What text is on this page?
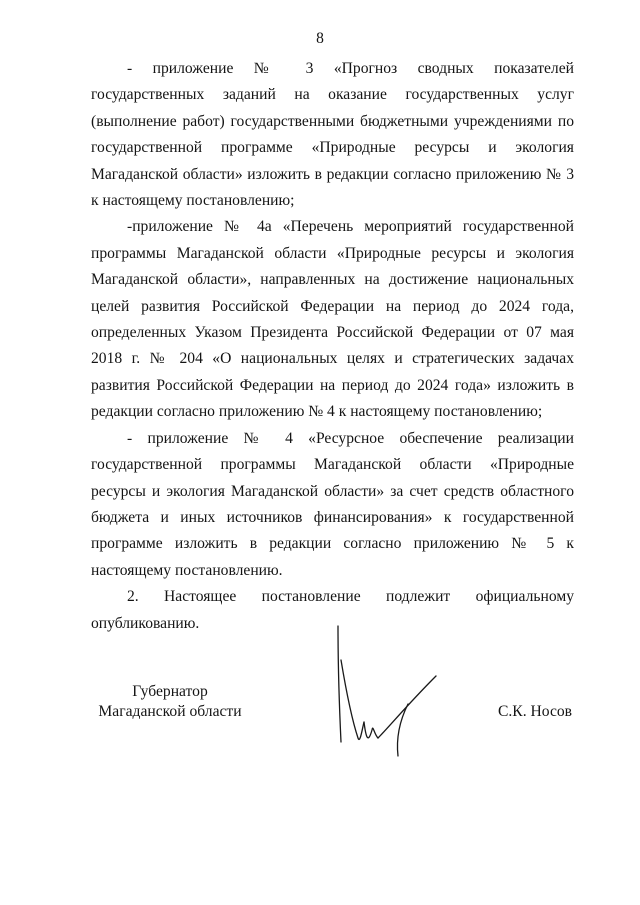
8

- приложение № 3 «Прогноз сводных показателей государственных заданий на оказание государственных услуг (выполнение работ) государственными бюджетными учреждениями по государственной программе «Природные ресурсы и экология Магаданской области» изложить в редакции согласно приложению № 3 к настоящему постановлению;

-приложение № 4а «Перечень мероприятий государственной программы Магаданской области «Природные ресурсы и экология Магаданской области», направленных на достижение национальных целей развития Российской Федерации на период до 2024 года, определенных Указом Президента Российской Федерации от 07 мая 2018 г. № 204 «О национальных целях и стратегических задачах развития Российской Федерации на период до 2024 года» изложить в редакции согласно приложению № 4 к настоящему постановлению;

- приложение № 4 «Ресурсное обеспечение реализации государственной программы Магаданской области «Природные ресурсы и экология Магаданской области» за счет средств областного бюджета и иных источников финансирования» к государственной программе изложить в редакции согласно приложению № 5 к настоящему постановлению.

2. Настоящее постановление подлежит официальному опубликованию.

Губернатор
Магаданской области	С.К. Носов
